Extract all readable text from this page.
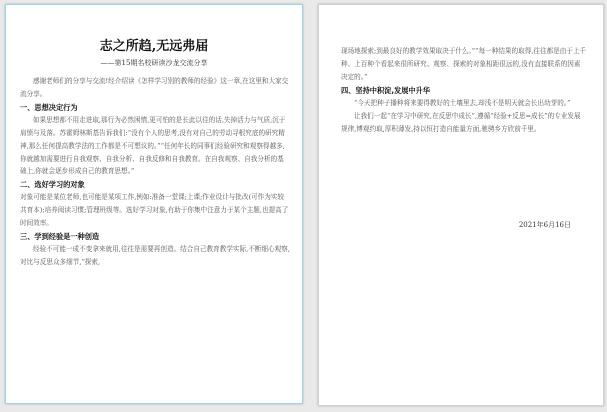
志之所趋,无远弗届
——第15期名校研读沙龙交流分享

感谢老师们的分享与交流!经介绍读《怎样学习别的教师的经验》这一章,在这里和大家交流分享。

一、思想决定行为

如果思想都不用走进取,那行为必然困惰,更可怕的是长此以往的话,失掉活力与气质,沉于肩愤与及落。苏霍姆林斯基告诉我们:“没有个人的思考,没有对自己的劳动寻根究底的研究精神,那么任何提高教学法的工作都是不可想议的。”“任何年长的同事们经验研究和观察得越多,你就越加需要进行自我观察、自我分析、自我反修和自我教育。在自我观察、自我分析的基础上,你就会逐步形成自己的教育思想。”

二、选好学习的对象

对象可能是某位老师,也可能是某项工作,例如:准备一堂课;上课;作业设计与批改(可作为实较共育本);培养阅读习惯;管理班级等。选好学习对象,有助于你集中注意力于某个主题,也提高了时间效率。

三、学到经验是一种创造

经验不可能一成不变拿来就用,往往是需要再创造。结合自己教育教学实际,不断细心观察,对比与反思众多细节,“探索,

现场地探索;到最良好的教学效果取决于什么。”“每一种结果的取得,往往都是由于上千种、上百种个看起来很所研究、观察、探索的对象相距很远的,没有直接联系的因素决定的。”

四、坚持中积淀,发展中升华

“今天把种子播种将来要得教好的土壤里去,却浅不是明天就会长出幼芽的。”

让我们一起“在学习中研究,在反思中成长”,遵循“经验+反思=成长”的专业发展规律,博观约取,厚积薄发,持以恒打造自能量方面,驰骋乡方欣前千里。

2021年6月16日
